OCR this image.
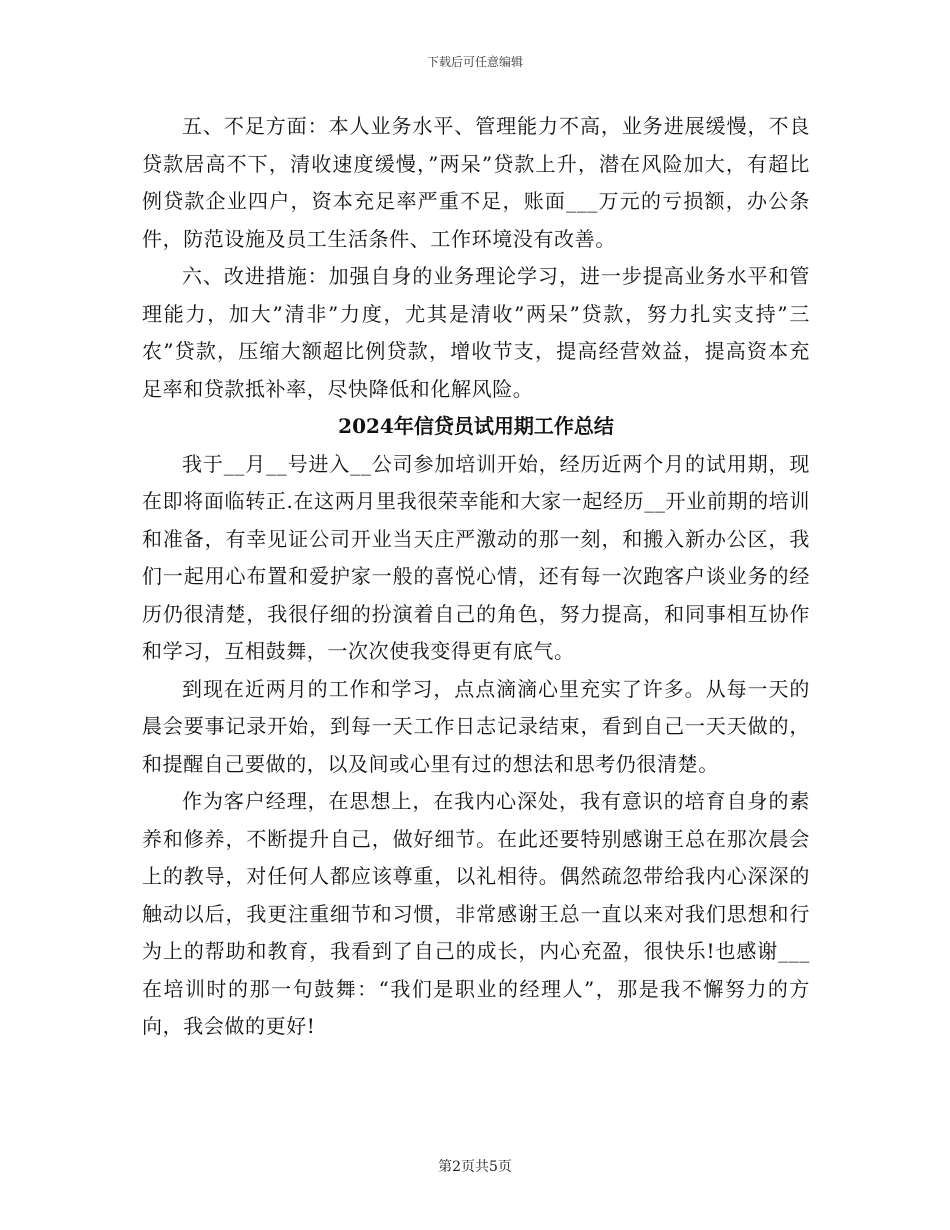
下载后可任意编辑

五、不足方面：本人业务水平、管理能力不高，业务进展缓慢，不良贷款居高不下，清收速度缓慢，”两呆”贷款上升，潜在风险加大，有超比例贷款企业四户，资本充足率严重不足，账面___万元的亏损额，办公条件，防范设施及员工生活条件、工作环境没有改善。

六、改进措施：加强自身的业务理论学习，进一步提高业务水平和管理能力，加大”清非”力度，尤其是清收”两呆”贷款，努力扎实支持”三农”贷款，压缩大额超比例贷款，增收节支，提高经营效益，提高资本充足率和贷款抵补率，尽快降低和化解风险。

2024年信贷员试用期工作总结

我于__月__号进入__公司参加培训开始，经历近两个月的试用期，现在即将面临转正.在这两月里我很荣幸能和大家一起经历__开业前期的培训和准备，有幸见证公司开业当天庄严激动的那一刻，和搬入新办公区，我们一起用心布置和爱护家一般的喜悦心情，还有每一次跑客户谈业务的经历仍很清楚，我很仔细的扮演着自己的角色，努力提高，和同事相互协作和学习，互相鼓舞，一次次使我变得更有底气。

到现在近两月的工作和学习，点点滴滴心里充实了许多。从每一天的晨会要事记录开始，到每一天工作日志记录结束，看到自己一天天做的，和提醒自己要做的，以及间或心里有过的想法和思考仍很清楚。

作为客户经理，在思想上，在我内心深处，我有意识的培育自身的素养和修养，不断提升自己，做好细节。在此还要特别感谢王总在那次晨会上的教导，对任何人都应该尊重，以礼相待。偶然疏忽带给我内心深深的触动以后，我更注重细节和习惯，非常感谢王总一直以来对我们思想和行为上的帮助和教育，我看到了自己的成长，内心充盈，很快乐!也感谢___在培训时的那一句鼓舞：“我们是职业的经理人”，那是我不懈努力的方向，我会做的更好!

第2页共5页
